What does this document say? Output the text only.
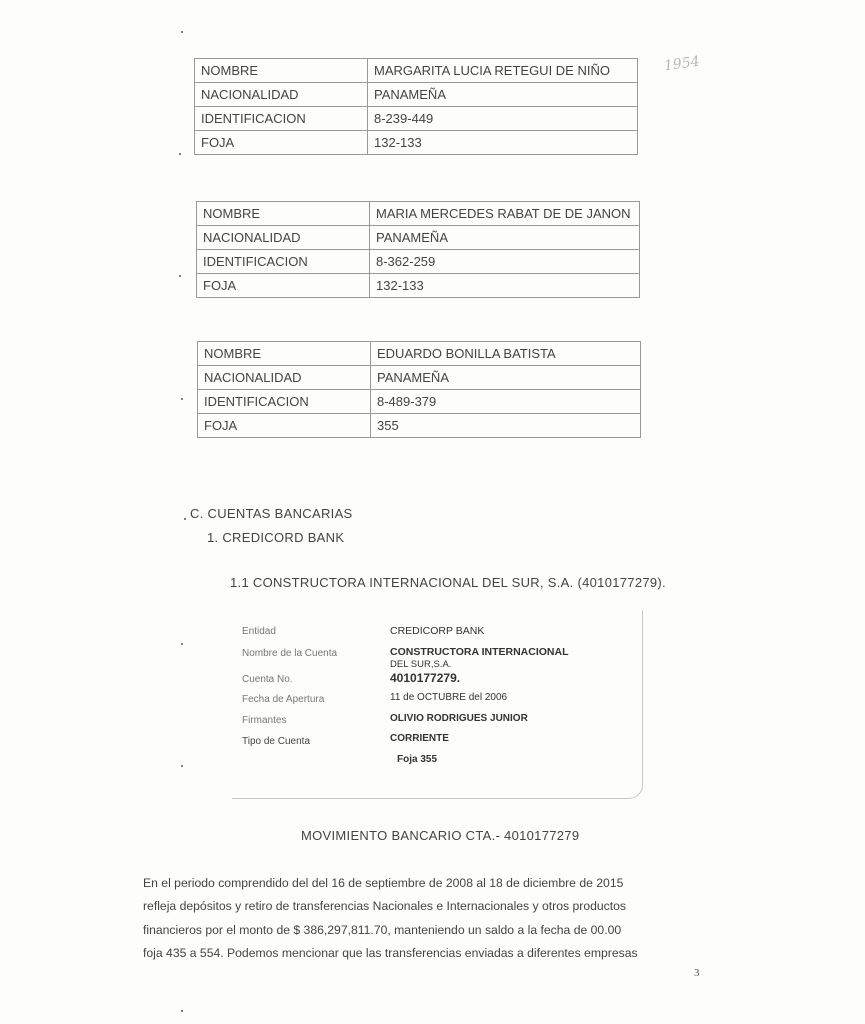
1954
NOMBRE	MARGARITA LUCIA RETEGUI DE NIÑO
NACIONALIDAD	PANAMEÑA
IDENTIFICACION	8-239-449
FOJA	132-133
NOMBRE	MARIA MERCEDES RABAT DE DE JANON
NACIONALIDAD	PANAMEÑA
IDENTIFICACION	8-362-259
FOJA	132-133
NOMBRE	EDUARDO BONILLA BATISTA
NACIONALIDAD	PANAMEÑA
IDENTIFICACION	8-489-379
FOJA	355
C. CUENTAS BANCARIAS
1. CREDICORD BANK
1.1 CONSTRUCTORA INTERNACIONAL DEL SUR, S.A. (4010177279).
Entidad	CREDICORP BANK
Nombre de la Cuenta	CONSTRUCTORA INTERNACIONAL
DEL SUR,S.A.
Cuenta No.	4010177279.
Fecha de Apertura	11 de OCTUBRE del 2006
Firmantes	OLIVIO RODRIGUES JUNIOR
Tipo de Cuenta	CORRIENTE
Foja 355
MOVIMIENTO BANCARIO CTA.- 4010177279
En el periodo comprendido del del 16 de septiembre de 2008 al 18 de diciembre de 2015
refleja depósitos y retiro de transferencias Nacionales e Internacionales y otros productos
financieros por el monto de $ 386,297,811.70, manteniendo un saldo a la fecha de 00.00
foja 435 a 554. Podemos mencionar que las transferencias enviadas a diferentes empresas
3
